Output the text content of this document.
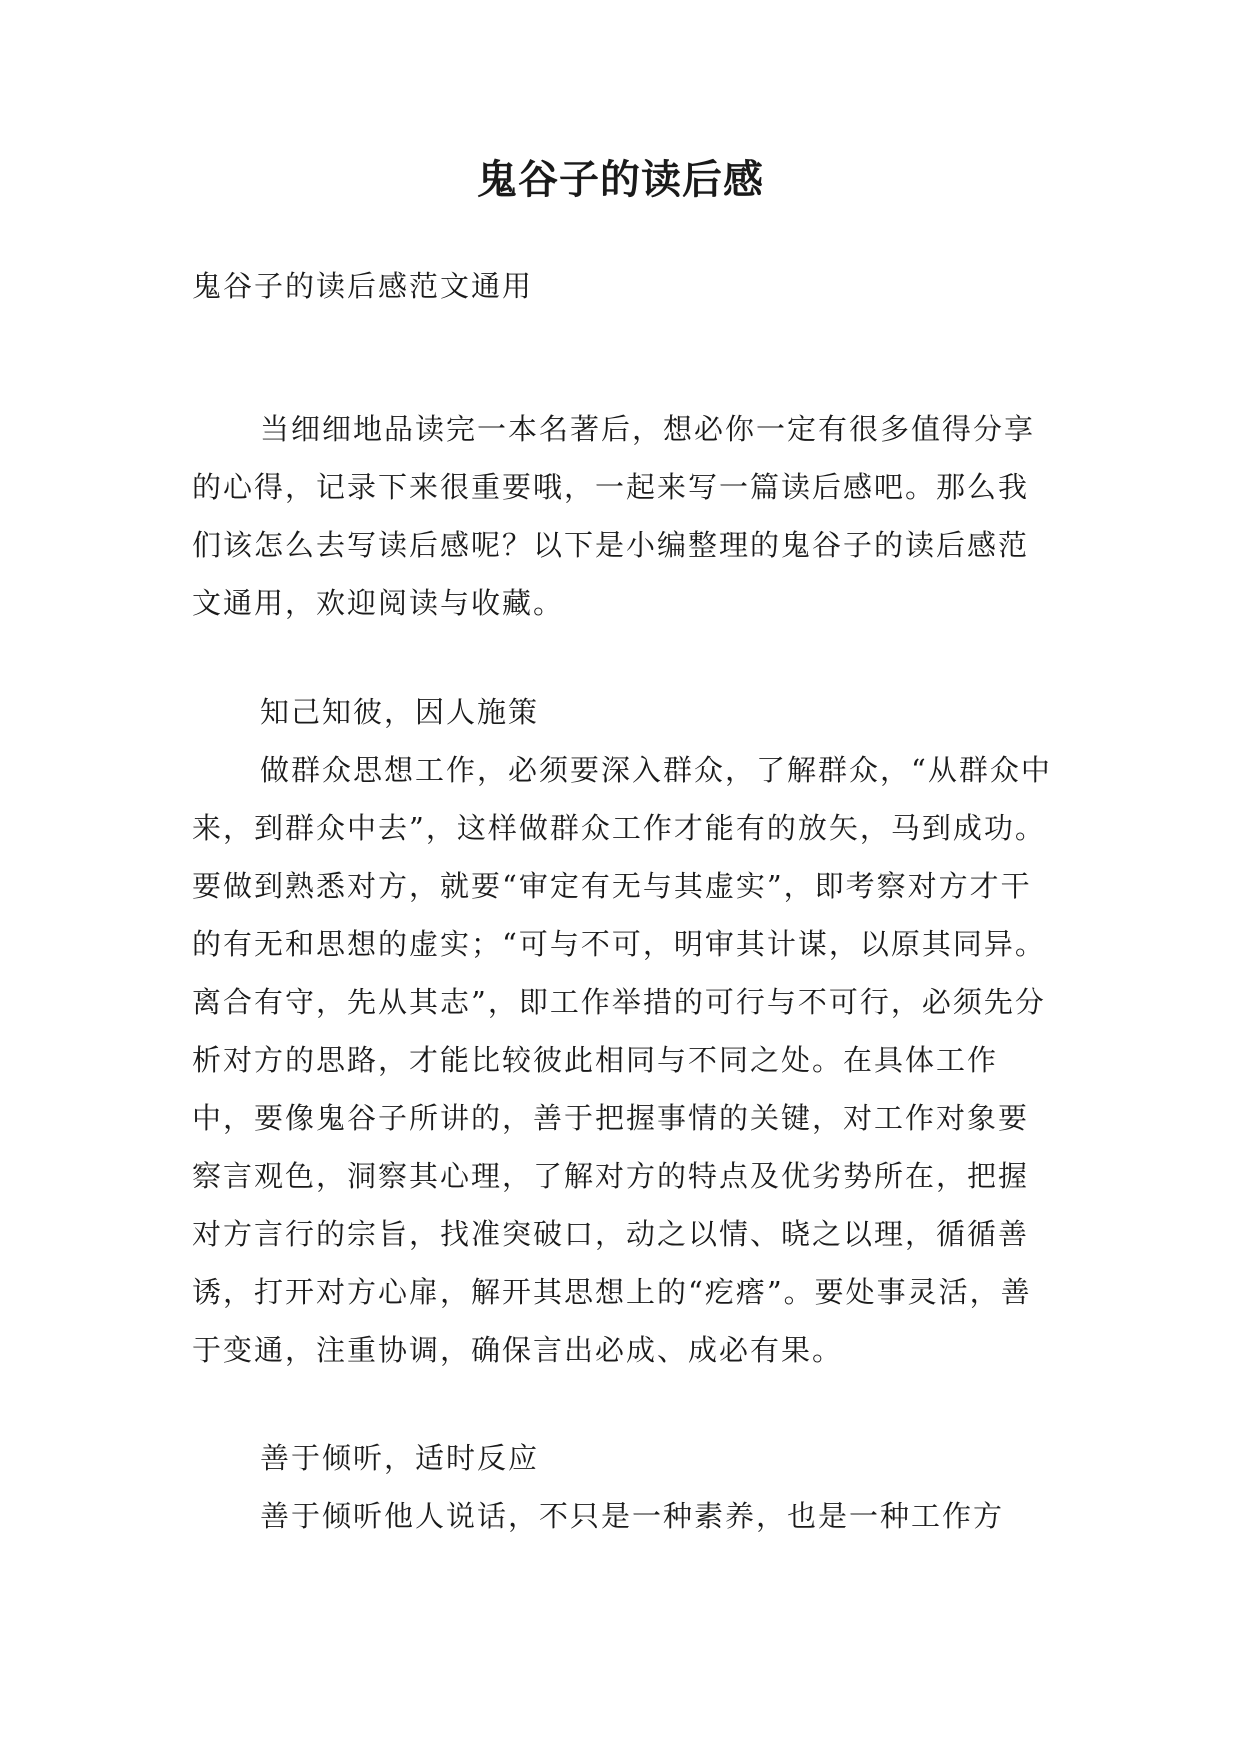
鬼谷子的读后感

鬼谷子的读后感范文通用

当细细地品读完一本名著后，想必你一定有很多值得分享的心得，记录下来很重要哦，一起来写一篇读后感吧。那么我们该怎么去写读后感呢？以下是小编整理的鬼谷子的读后感范文通用，欢迎阅读与收藏。

知己知彼，因人施策

做群众思想工作，必须要深入群众，了解群众，“从群众中来，到群众中去”，这样做群众工作才能有的放矢，马到成功。要做到熟悉对方，就要“审定有无与其虚实”，即考察对方才干的有无和思想的虚实；“可与不可，明审其计谋，以原其同异。离合有守，先从其志”，即工作举措的可行与不可行，必须先分析对方的思路，才能比较彼此相同与不同之处。在具体工作中，要像鬼谷子所讲的，善于把握事情的关键，对工作对象要察言观色，洞察其心理，了解对方的特点及优劣势所在，把握对方言行的宗旨，找准突破口，动之以情、晓之以理，循循善诱，打开对方心扉，解开其思想上的“疙瘩”。要处事灵活，善于变通，注重协调，确保言出必成、成必有果。

善于倾听，适时反应

善于倾听他人说话，不只是一种素养，也是一种工作方
